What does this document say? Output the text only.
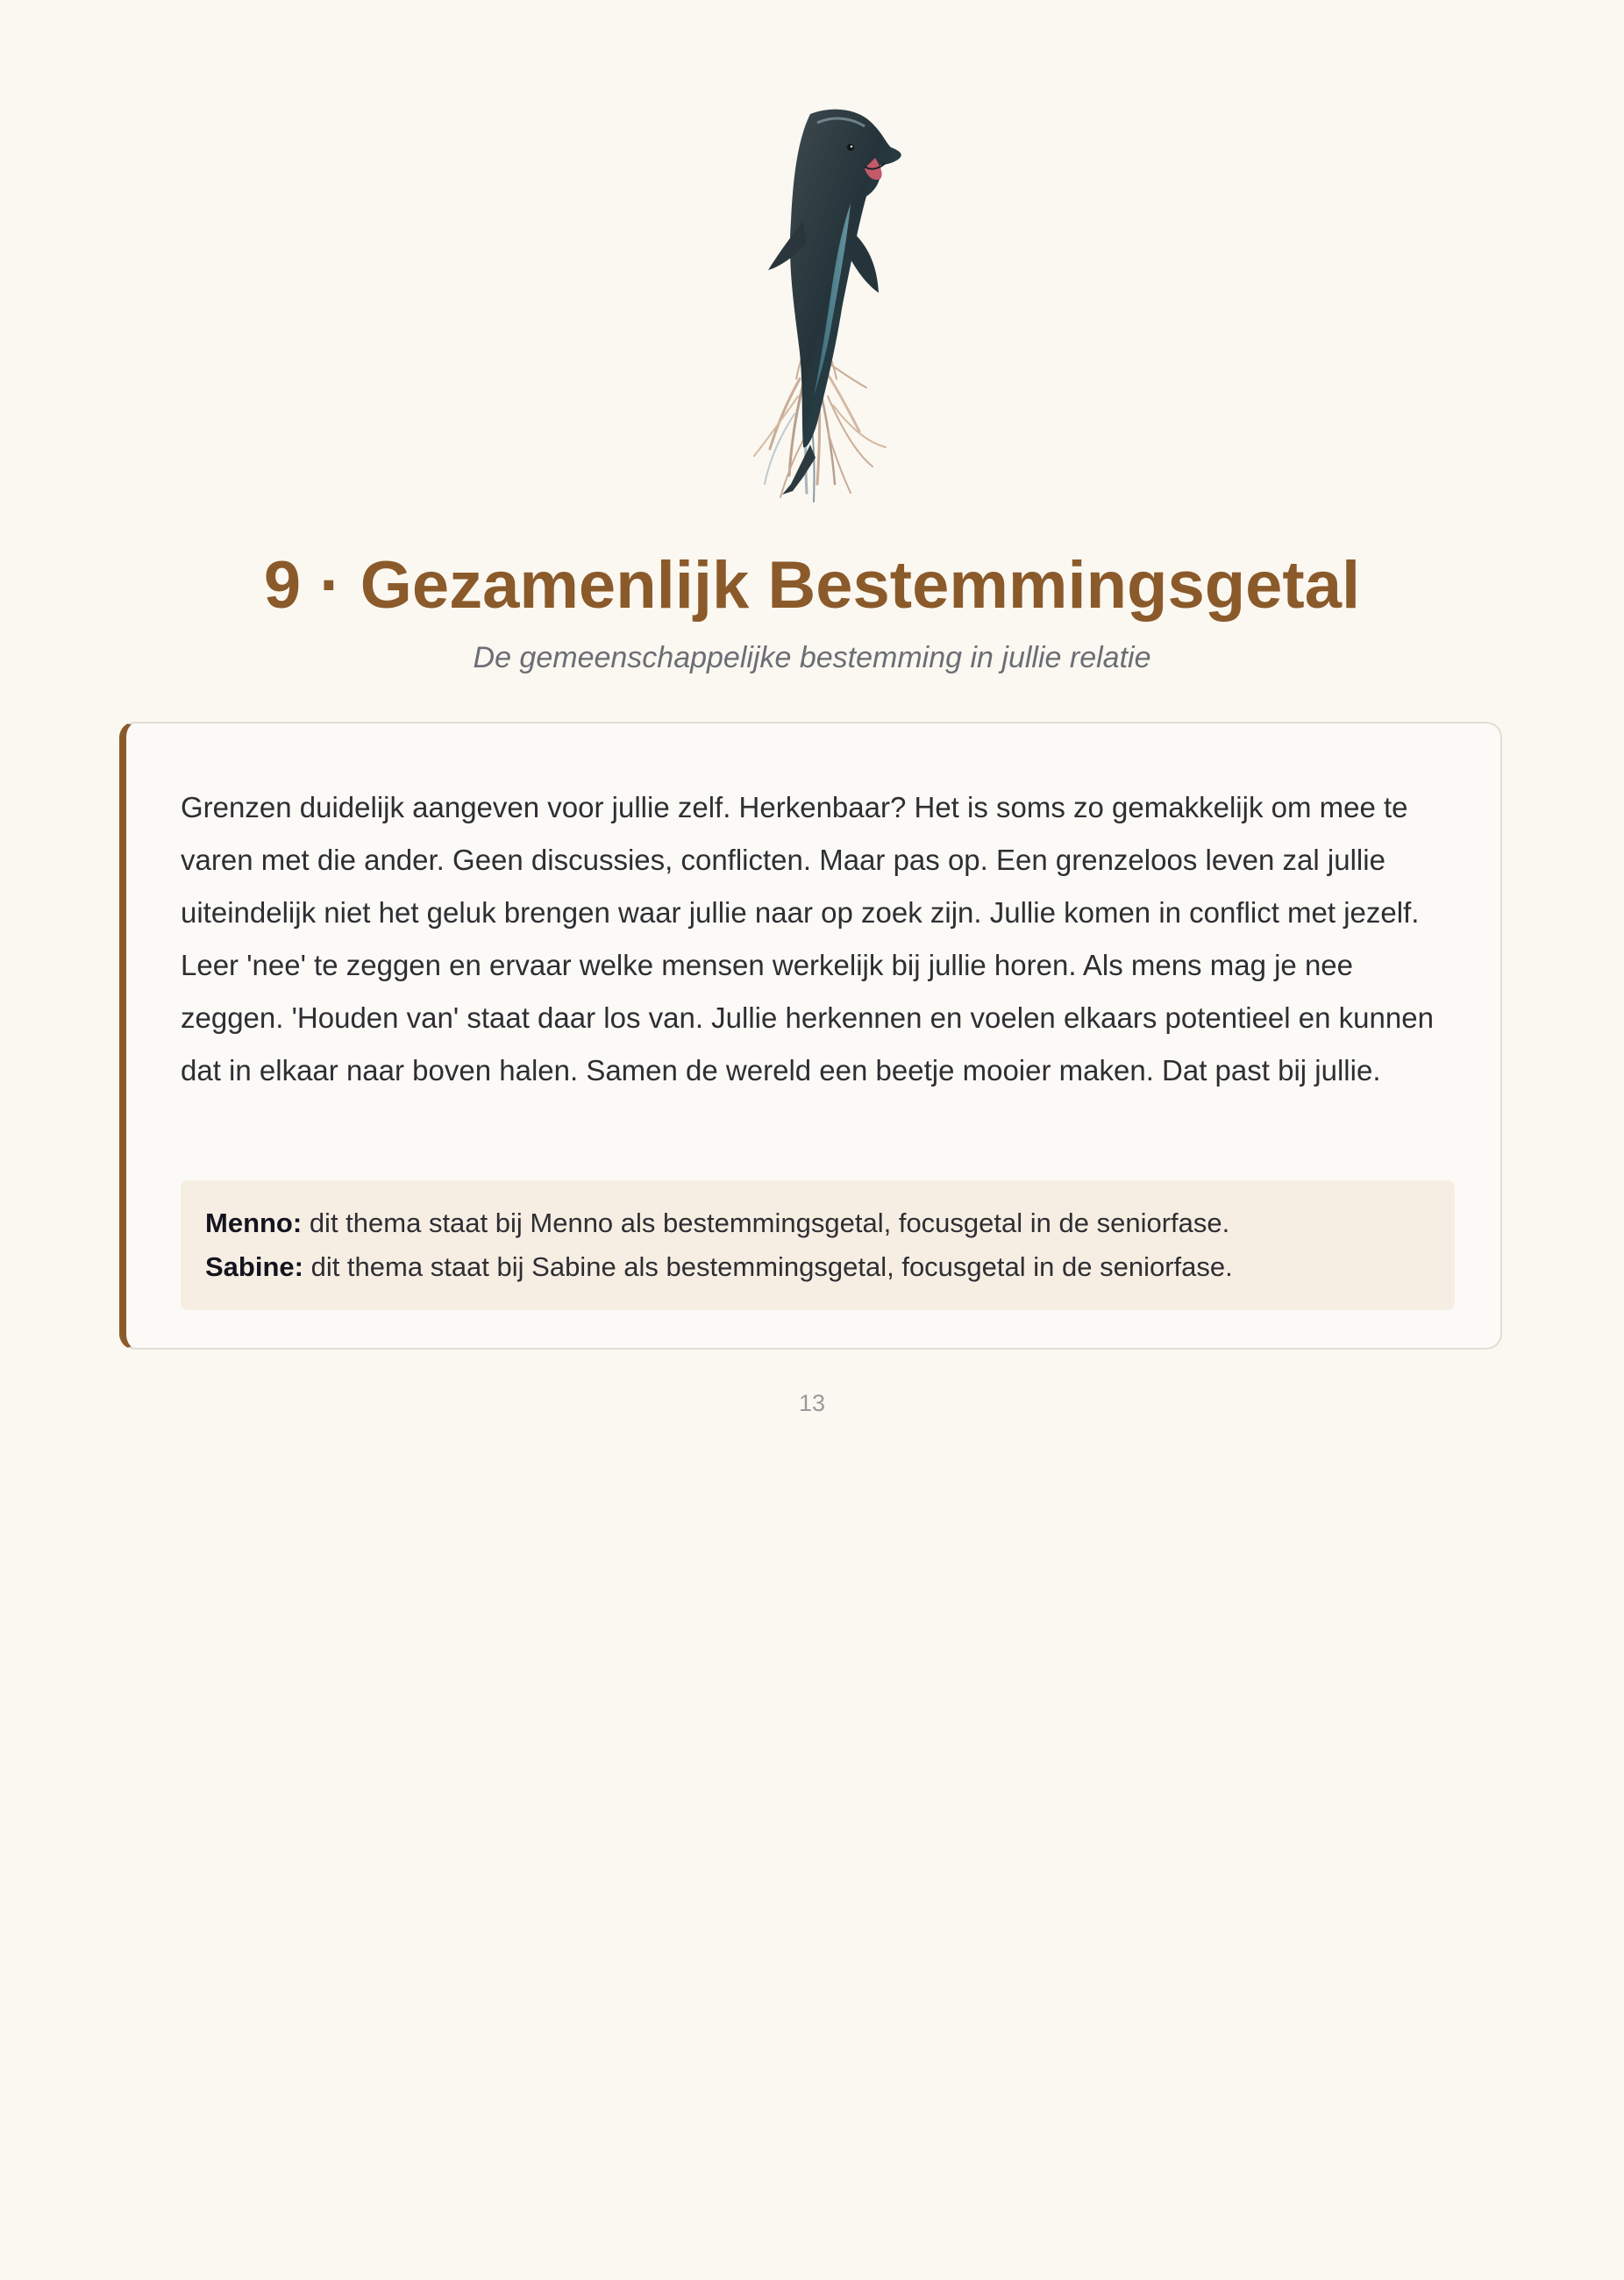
9 · Gezamenlijk Bestemmingsgetal

De gemeenschappelijke bestemming in jullie relatie

Grenzen duidelijk aangeven voor jullie zelf. Herkenbaar? Het is soms zo gemakkelijk om mee te varen met die ander. Geen discussies, conflicten. Maar pas op. Een grenzeloos leven zal jullie uiteindelijk niet het geluk brengen waar jullie naar op zoek zijn. Jullie komen in conflict met jezelf. Leer 'nee' te zeggen en ervaar welke mensen werkelijk bij jullie horen. Als mens mag je nee zeggen. 'Houden van' staat daar los van. Jullie herkennen en voelen elkaars potentieel en kunnen dat in elkaar naar boven halen. Samen de wereld een beetje mooier maken. Dat past bij jullie.

Menno: dit thema staat bij Menno als bestemmingsgetal, focusgetal in de seniorfase.
Sabine: dit thema staat bij Sabine als bestemmingsgetal, focusgetal in de seniorfase.
13
